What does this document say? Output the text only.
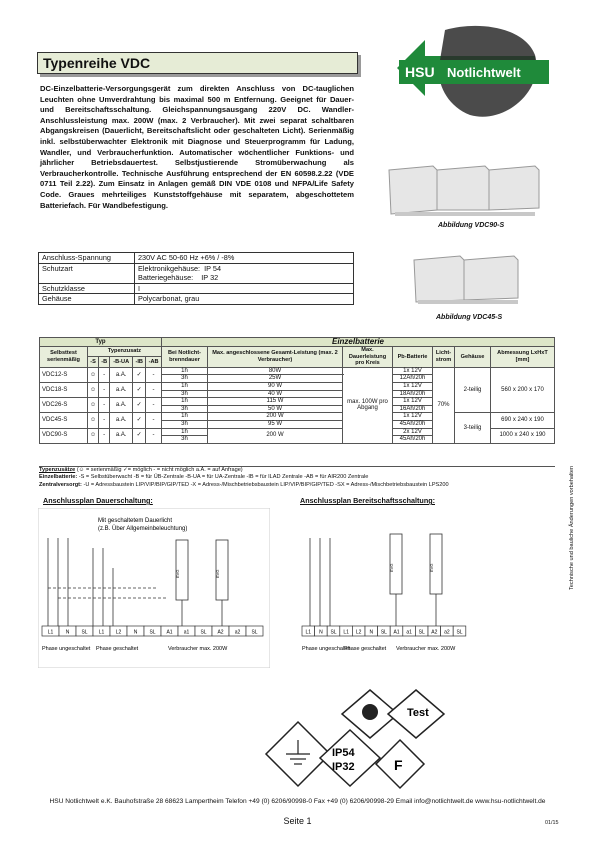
Typenreihe VDC
HSU Notlichtwelt
DC-Einzelbatterie-Versorgungsgerät zum direkten Anschluss von DC-tauglichen Leuchten ohne Umverdrahtung bis maximal 500 m Entfernung. Geeignet für Dauer- und Bereitschaftsschaltung. Gleichspannungsausgang 220V DC. Wandler-Anschlussleistung max. 200W (max. 2 Verbraucher). Mit zwei separat schaltbaren Abgangskreisen (Dauerlicht, Bereitschaftslicht oder geschalteten Licht). Serienmäßig inkl. selbstüberwachter Elektronik mit Diagnose und Steuerprogramm für Ladung, Wandler, und Verbraucherfunktion. Automatischer wöchentlicher Funktions- und jährlicher Betriebsdauertest. Selbstjustierende Stromüberwachung als Verbraucherkontrolle. Technische Ausführung entsprechend der EN 60598.2.22 (VDE 0711 Teil 2.22). Zum Einsatz in Anlagen gemäß DIN VDE 0108 und NFPA/Life Safety Code. Graues mehrteiliges Kunststoffgehäuse mit separatem, abgeschottetem Batteriefach. Für Wandbefestigung.
Abbildung VDC90-S
Abbildung VDC45-S
Anschluss-Spannung	230V AC 50-60 Hz +6% / -8%
Schutzart	Elektronikgehäuse:  IP 54
Batteriegehäuse:    IP 32

Schutzklasse	I
Gehäuse	Polycarbonat, grau
Typ						Einzelbatterie						
Selbsttest serienmäßig	Typenzusatz					Bei Notlicht-brenndauer	Max. angeschlossene Gesamt-Leistung (max. 2 Verbraucher)	Max. Dauerleistung pro Kreis	Pb-Batterie	Licht-strom	Gehäuse	Abmessung LxHxT [mm]
	-S	-B	-B-UA	-IB	-AB							
VDC12-S	☺	-	a.A.	✓	-	1h	80W	max. 100W pro Abgang	1x 12V	70%	2-teilig	560 x 200 x 170
						3h	25W		12Ah/20h			
VDC18-S	☺	-	a.A.	✓	-	1h	90 W		1x 12V			
						3h	40 W		18Ah/20h			
VDC26-S	☺	-	a.A.	✓	-	1h	115 W		1x 12V			
						3h	50 W		16Ah/20h			
VDC45-S	☺	-	a.A.	✓	-	1h	200 W		1x 12V		3-teilig	690 x 240 x 190
						3h	95 W		45Ah/20h			
VDC90-S	☺	-	a.A.	✓	-	1h	200 W		2x 12V			1000 x 240 x 190
						3h			45Ah/20h			
Typenzusätze (☺ = serienmäßig ✓= möglich - = nicht möglich a.A. = auf Anfrage)
Einzelbatterie: -S = Selbstüberwacht -B = für ÜB-Zentrale -B-UA = für UA-Zentrale -IB = für ILAD Zentrale -AB = für AIR200 Zentrale
Zentralversorgt: -U = Adressbaustein LIP/VIP/BIP/GIP/TED -X = Adress-/Mischbetriebsbaustein LIP/VIP/BIP/GIP/TED -SX = Adress-/Mischbetriebsbaustein LPS200
Anschlussplan Dauerschaltung:
Mit geschaltetem Dauerlicht
(z.B. Über Allgemeinbeleuchtung)
EVG	EVG
L1 N SL L1 L2 N SL A1 a1 SL A2 a2 SL
Phase ungeschaltet Phase geschaltet	Verbraucher max. 200W
Anschlussplan Bereitschaftsschaltung:
EVG	EVG
L1 N SL L1 L2 N SL A1 a1 SL A2 a2 SL
Phase ungeschaltet
Phase geschaltet Verbraucher max. 200W
Test
IP54
IP32	F
Technische und bauliche Änderungen vorbehalten
HSU Notlichtwelt e.K. Bauhofstraße 28 68623 Lampertheim Telefon +49 (0) 6206/90998-0 Fax +49 (0) 6206/90998-29 Email info@notlichtwelt.de www.hsu-notlichtwelt.de
Seite 1	01/15
